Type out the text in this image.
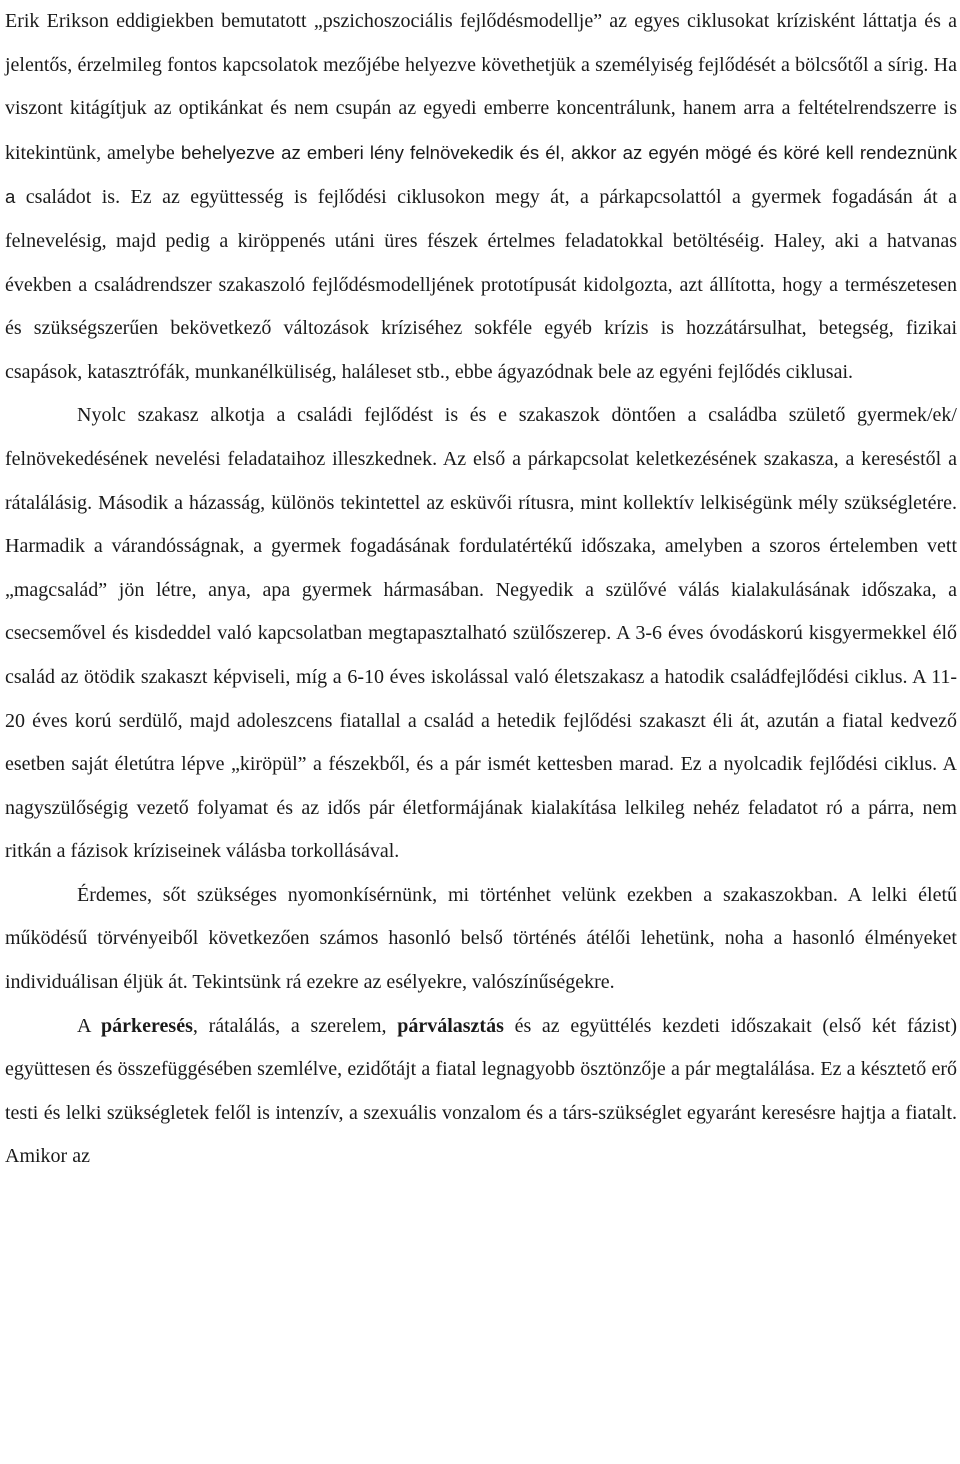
Erik Erikson eddigiekben bemutatott „pszichoszociális fejlődésmodellje” az egyes ciklusokat krízisként láttatja és a jelentős, érzelmileg fontos kapcsolatok mezőjébe helyezve követhetjük a személyiség fejlődését a bölcsőtől a sírig. Ha viszont kitágítjuk az optikánkat és nem csupán az egyedi emberre koncentrálunk, hanem arra a feltételrendszerre is kitekintünk, amelybe behelyezve az emberi lény felnövekedik és él, akkor az egyén mögé és köré kell rendeznünk a családot is. Ez az együttesség is fejlődési ciklusokon megy át, a párkapcsolattól a gyermek fogadásán át a felnevelésig, majd pedig a kiröppenés utáni üres fészek értelmes feladatokkal betöltéséig. Haley, aki a hatvanas években a családrendszer szakaszoló fejlődésmodelljének prototípusát kidolgozta, azt állította, hogy a természetesen és szükségszerűen bekövetkező változások kríziséhez sokféle egyéb krízis is hozzátársulhat, betegség, fizikai csapások, katasztrófák, munkanélküliség, haláleset stb., ebbe ágyazódnak bele az egyéni fejlődés ciklusai.

Nyolc szakasz alkotja a családi fejlődést is és e szakaszok döntően a családba születő gyermek/ek/ felnövekedésének nevelési feladataihoz illeszkednek. Az első a párkapcsolat keletkezésének szakasza, a kereséstől a rátalálásig. Második a házasság, különös tekintettel az esküvői rítusra, mint kollektív lelkiségünk mély szükségletére. Harmadik a várandósságnak, a gyermek fogadásának fordulatértékű időszaka, amelyben a szoros értelemben vett „magcsalád” jön létre, anya, apa gyermek hármasában. Negyedik a szülővé válás kialakulásának időszaka, a csecsemővel és kisdeddel való kapcsolatban megtapasztalható szülőszerep. A 3-6 éves óvodáskorú kisgyermekkel élő család az ötödik szakaszt képviseli, míg a 6-10 éves iskolással való életszakasz a hatodik családfejlődési ciklus. A 11-20 éves korú serdülő, majd adoleszcens fiatallal a család a hetedik fejlődési szakaszt éli át, azután a fiatal kedvező esetben saját életútra lépve „kiröpül” a fészekből, és a pár ismét kettesben marad. Ez a nyolcadik fejlődési ciklus. A nagyszülőségig vezető folyamat és az idős pár életformájának kialakítása lelkileg nehéz feladatot ró a párra, nem ritkán a fázisok kríziseinek válásba torkollásával.

Érdemes, sőt szükséges nyomonkísérnünk, mi történhet velünk ezekben a szakaszokban. A lelki életű működésű törvényeiből következően számos hasonló belső történés átélői lehetünk, noha a hasonló élményeket individuálisan éljük át. Tekintsünk rá ezekre az esélyekre, valószínűségekre.

A párkeresés, rátalálás, a szerelem, párválasztás és az együttélés kezdeti időszakait (első két fázist) együttesen és összefüggésében szemlélve, ezidőtájt a fiatal legnagyobb ösztönzője a pár megtalálása. Ez a késztető erő testi és lelki szükségletek felől is intenzív, a szexuális vonzalom és a társ-szükséglet egyaránt keresésre hajtja a fiatalt. Amikor az
